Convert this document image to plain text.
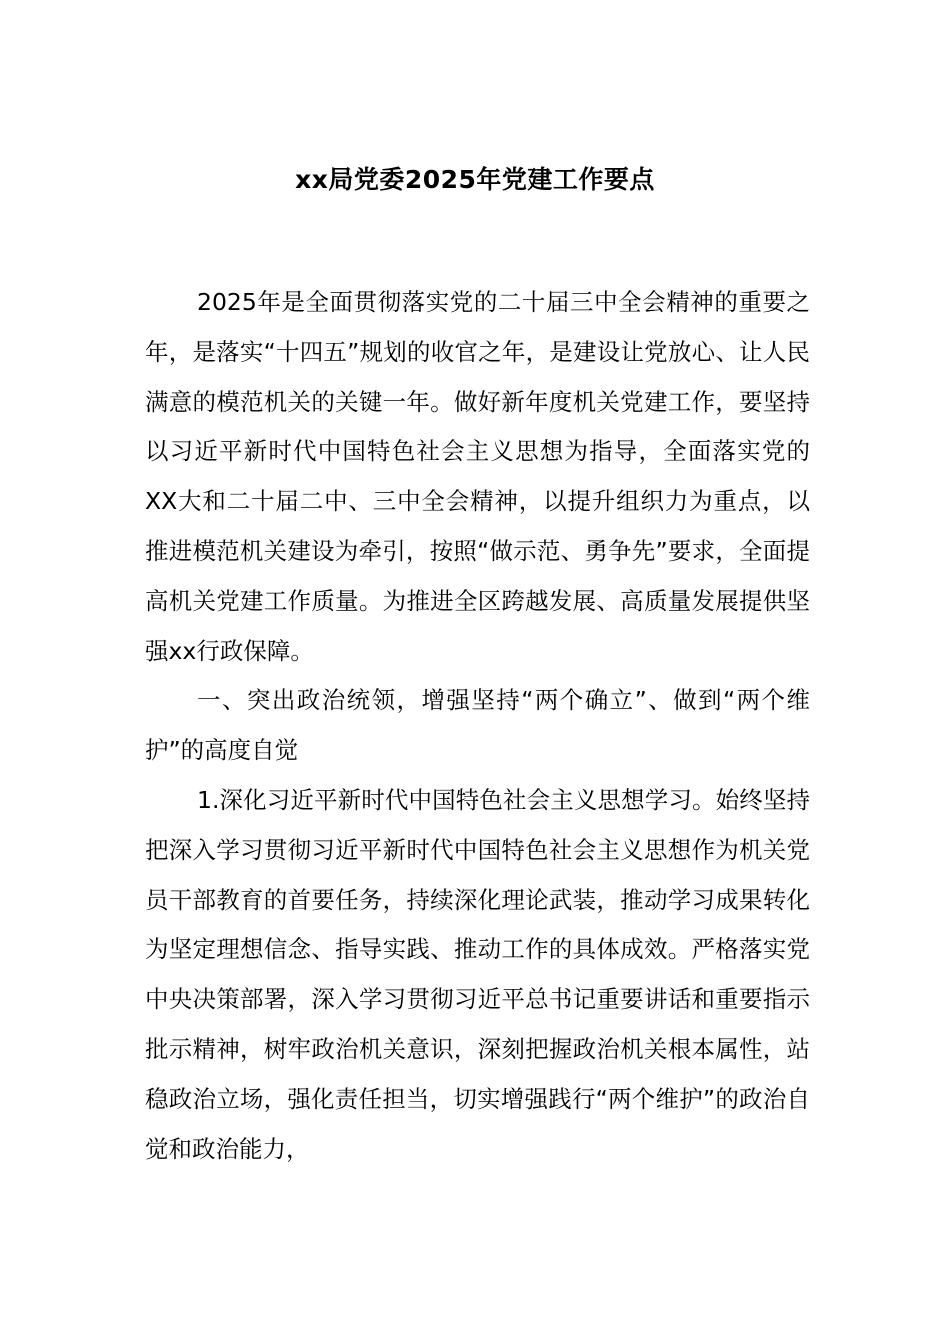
xx局党委2025年党建工作要点

2025年是全面贯彻落实党的二十届三中全会精神的重要之年，是落实“十四五”规划的收官之年，是建设让党放心、让人民满意的模范机关的关键一年。做好新年度机关党建工作，要坚持以习近平新时代中国特色社会主义思想为指导，全面落实党的XX大和二十届二中、三中全会精神，以提升组织力为重点，以推进模范机关建设为牵引，按照“做示范、勇争先”要求，全面提高机关党建工作质量。为推进全区跨越发展、高质量发展提供坚强xx行政保障。

一、突出政治统领，增强坚持“两个确立”、做到“两个维护”的高度自觉

1.深化习近平新时代中国特色社会主义思想学习。始终坚持把深入学习贯彻习近平新时代中国特色社会主义思想作为机关党员干部教育的首要任务，持续深化理论武装，推动学习成果转化为坚定理想信念、指导实践、推动工作的具体成效。严格落实党中央决策部署，深入学习贯彻习近平总书记重要讲话和重要指示批示精神，树牢政治机关意识，深刻把握政治机关根本属性，站稳政治立场，强化责任担当，切实增强践行“两个维护”的政治自觉和政治能力，
